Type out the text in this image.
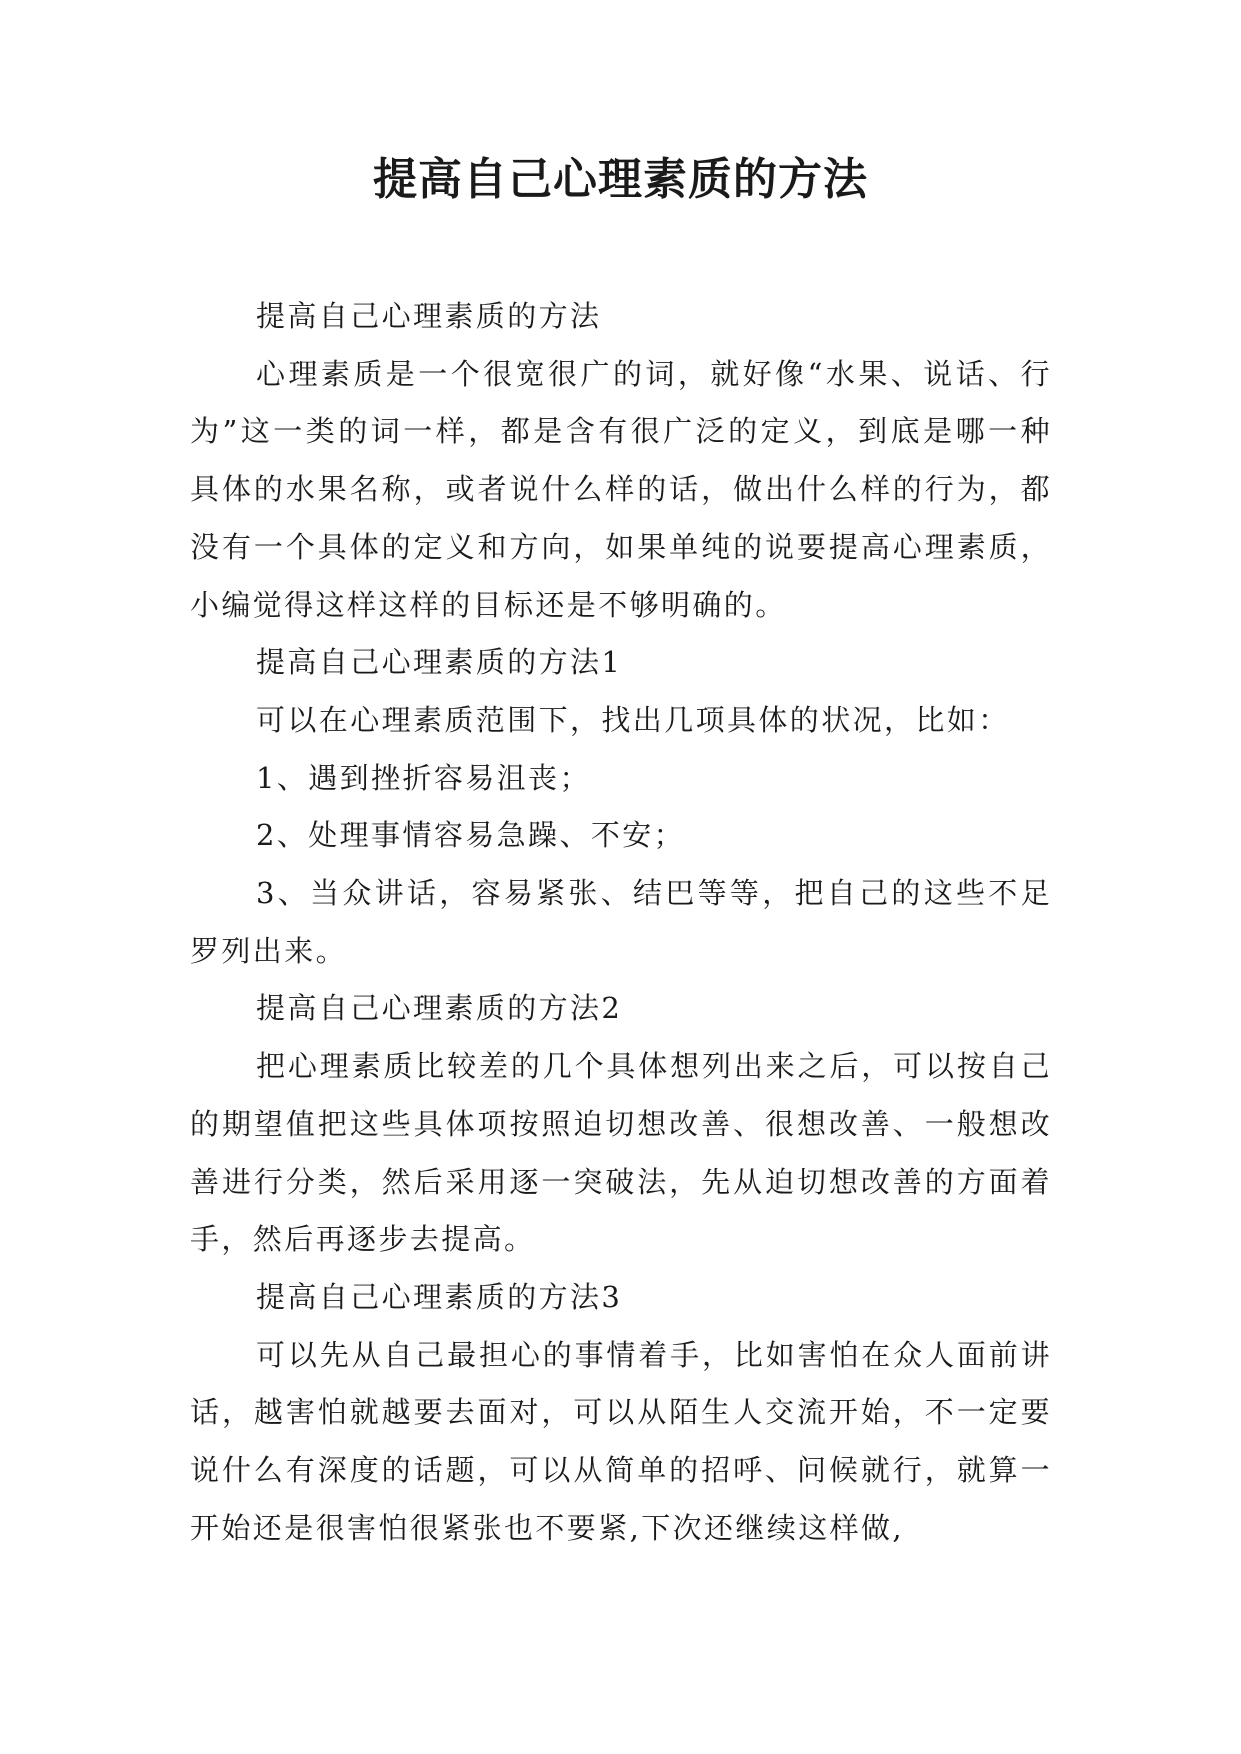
提高自己心理素质的方法

提高自己心理素质的方法

心理素质是一个很宽很广的词，就好像“水果、说话、行为”这一类的词一样，都是含有很广泛的定义，到底是哪一种具体的水果名称，或者说什么样的话，做出什么样的行为，都没有一个具体的定义和方向，如果单纯的说要提高心理素质，小编觉得这样这样的目标还是不够明确的。

提高自己心理素质的方法1

可以在心理素质范围下，找出几项具体的状况，比如：

1、遇到挫折容易沮丧；

2、处理事情容易急躁、不安；

3、当众讲话，容易紧张、结巴等等，把自己的这些不足罗列出来。

提高自己心理素质的方法2

把心理素质比较差的几个具体想列出来之后，可以按自己的期望值把这些具体项按照迫切想改善、很想改善、一般想改善进行分类，然后采用逐一突破法，先从迫切想改善的方面着手，然后再逐步去提高。

提高自己心理素质的方法3

可以先从自己最担心的事情着手，比如害怕在众人面前讲话，越害怕就越要去面对，可以从陌生人交流开始，不一定要说什么有深度的话题，可以从简单的招呼、问候就行，就算一开始还是很害怕很紧张也不要紧,下次还继续这样做,
